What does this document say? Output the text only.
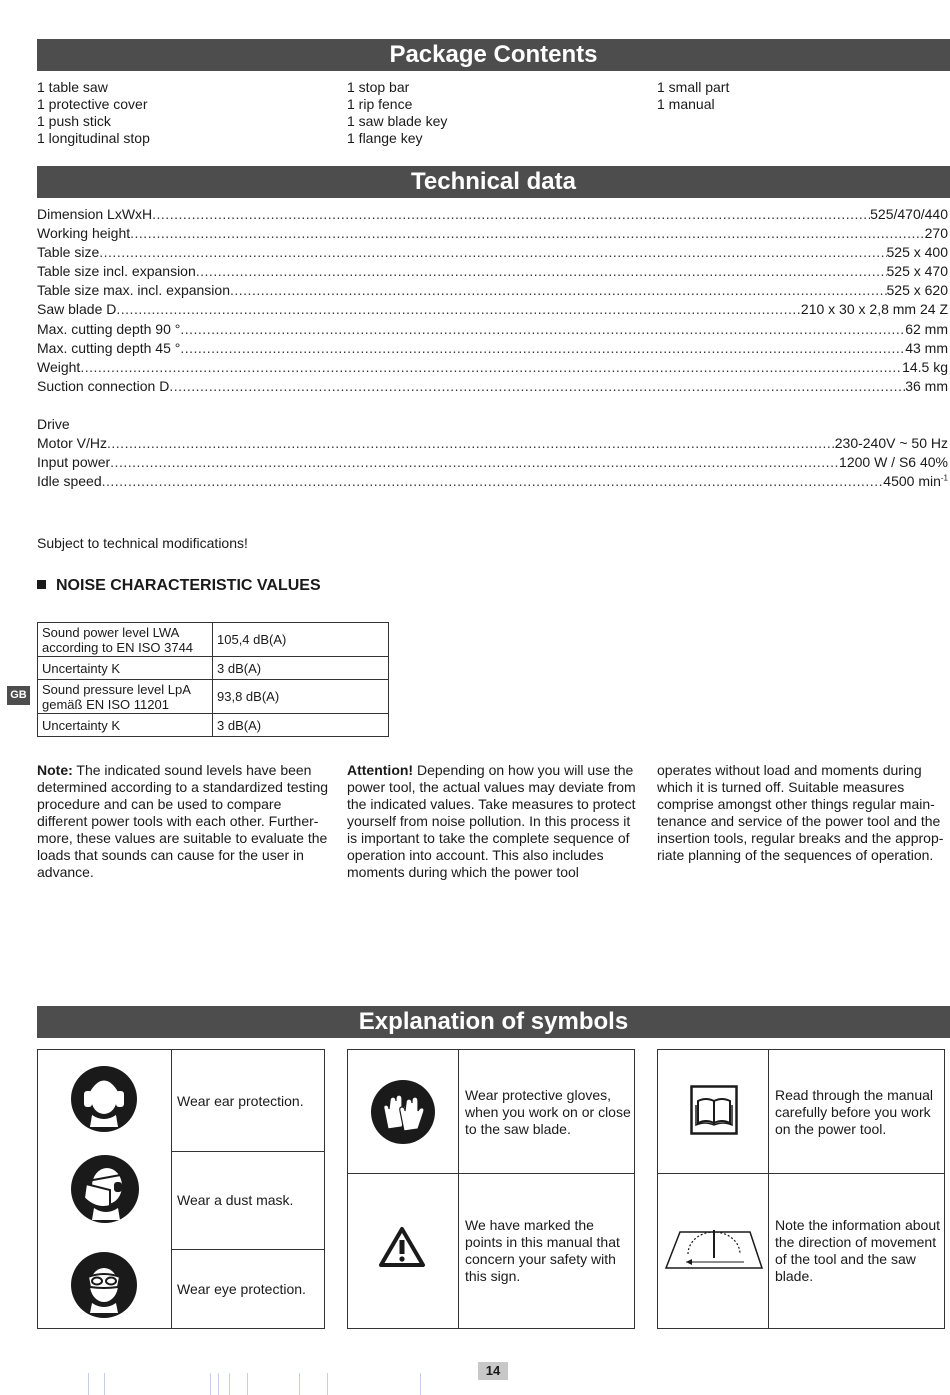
Package Contents
1 table saw
1 protective cover
1 push stick
1 longitudinal stop
1 stop bar
1 rip fence
1 saw blade key
1 flange key
1 small part
1 manual
Technical data
Dimension LxWxH .....	525/470/440
Working height .....	270
Table size .....	525 x 400
Table size incl. expansion .....	525 x 470
Table size max. incl. expansion .....	525 x 620
Saw blade D .....	210 x 30 x 2,8 mm 24 Z
Max. cutting depth 90 ° .....	62 mm
Max. cutting depth 45 ° .....	43 mm
Weight .....	14.5 kg
Suction connection D .....	36 mm
Drive
Motor V/Hz .....	230-240V ~ 50 Hz
Input power .....	1200 W / S6 40%
Idle speed .....	4500 $\min^{-1}$
Subject to technical modifications!
NOISE CHARACTERISTIC VALUES
Sound power level LWA according to EN ISO 3744	105,4 dB(A)
Uncertainty K	3 dB(A)
Sound pressure level LpA gemäß EN ISO 11201	93,8 dB(A)
Uncertainty K	3 dB(A)
GB
Note: The indicated sound levels have been determined according to a standardized testing procedure and can be used to compare different power tools with each other. Further-more, these values are suitable to evaluate the loads that sounds can cause for the user in advance.
Attention! Depending on how you will use the power tool, the actual values may deviate from the indicated values. Take measures to protect yourself from noise pollution. In this process it is important to take the complete sequence of operation into account. This also includes moments during which the power tool
operates without load and moments during which it is turned off. Suitable measures comprise amongst other things regular main-tenance and service of the power tool and the insertion tools, regular breaks and the approp-riate planning of the sequences of operation.
Explanation of symbols
Wear ear protection.
Wear a dust mask.
Wear eye protection.
Wear protective gloves, when you work on or close to the saw blade.
We have marked the points in this manual that concern your safety with this sign.
Read through the manual carefully before you work on the power tool.
Note the information about the direction of movement of the tool and the saw blade.
14
